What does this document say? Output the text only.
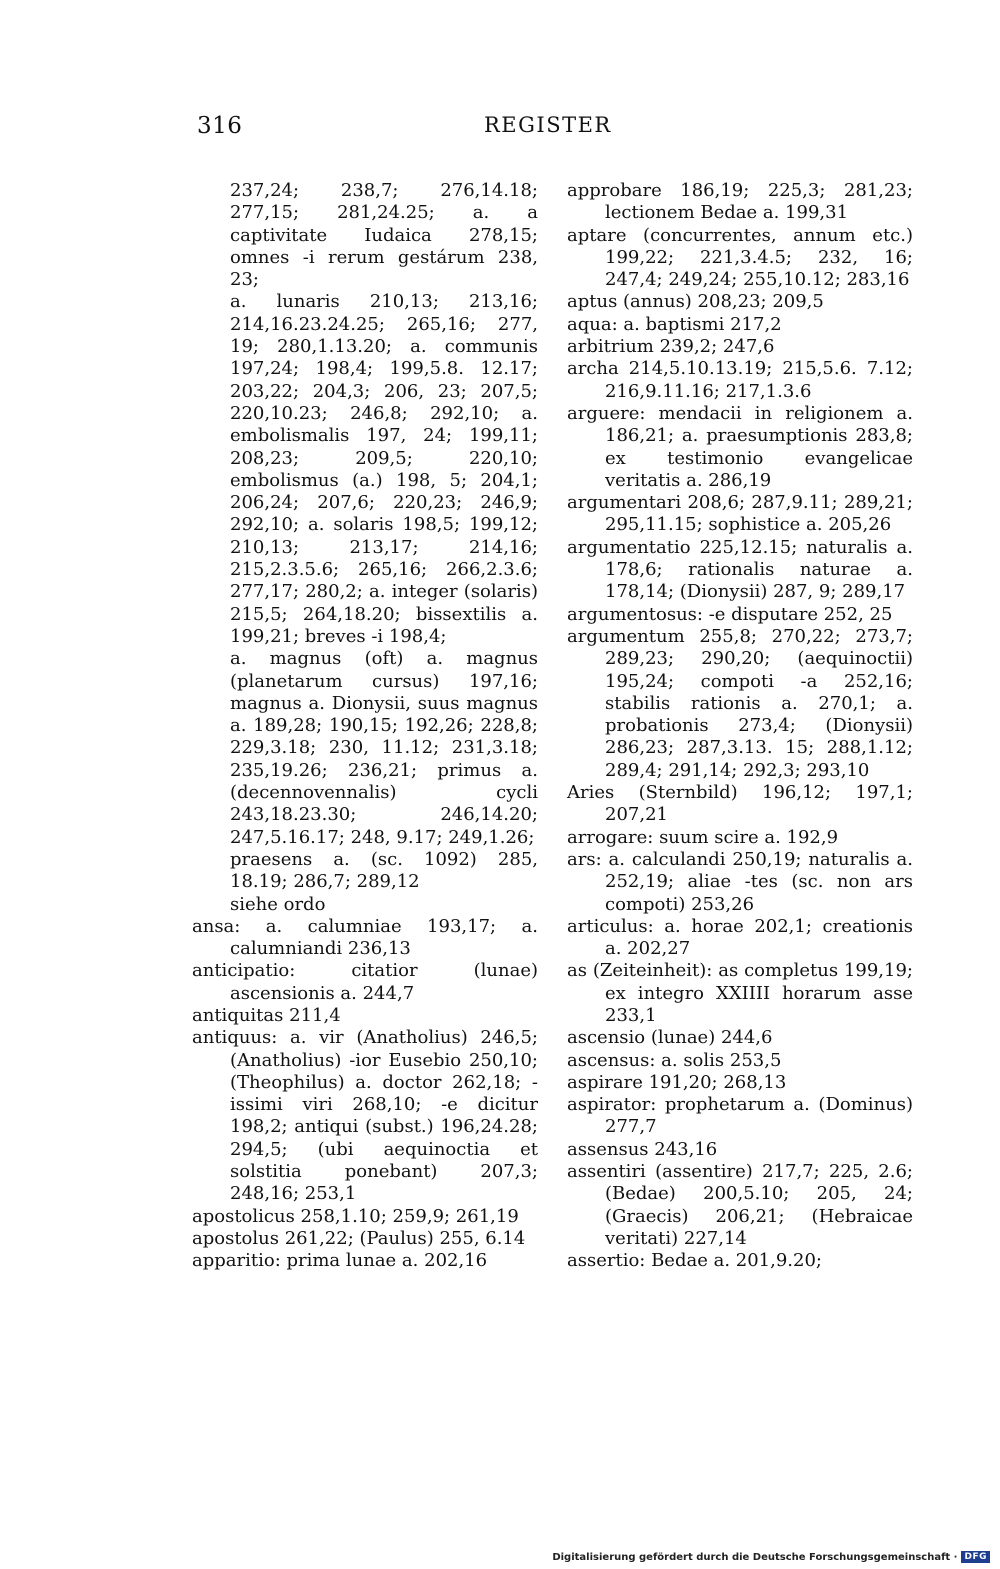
316	REGISTER

237,24; 238,7; 276,14.18; 277,15; 281,24.25; a. a captivitate Iudaica 278,15; omnes -i rerum gestárum 238, 23;

a. lunaris 210,13; 213,16; 214,16.23.24.25; 265,16; 277, 19; 280,1.13.20; a. communis 197,24; 198,4; 199,5.8. 12.17; 203,22; 204,3; 206, 23; 207,5; 220,10.23; 246,8; 292,10; a. embolismalis 197, 24; 199,11; 208,23; 209,5; 220,10; embolismus (a.) 198, 5; 204,1; 206,24; 207,6; 220,23; 246,9; 292,10; a. solaris 198,5; 199,12; 210,13; 213,17; 214,16; 215,2.3.5.6; 265,16; 266,2.3.6; 277,17; 280,2; a. integer (solaris) 215,5; 264,18.20; bissextilis a. 199,21; breves -i 198,4;

a. magnus (oft) a. magnus (planetarum cursus) 197,16; magnus a. Dionysii, suus magnus a. 189,28; 190,15; 192,26; 228,8; 229,3.18; 230, 11.12; 231,3.18; 235,19.26; 236,21; primus a. (decennovennalis) cycli 243,18.23.30; 246,14.20; 247,5.16.17; 248, 9.17; 249,1.26;

praesens a. (sc. 1092) 285, 18.19; 286,7; 289,12

siehe ordo

ansa: a. calumniae 193,17; a. calumniandi 236,13

anticipatio: citatior (lunae) ascensionis a. 244,7

antiquitas 211,4

antiquus: a. vir (Anatholius) 246,5; (Anatholius) -ior Eusebio 250,10; (Theophilus) a. doctor 262,18; -issimi viri 268,10; -e dicitur 198,2; antiqui (subst.) 196,24.28; 294,5; (ubi aequinoctia et solstitia ponebant) 207,3; 248,16; 253,1

apostolicus 258,1.10; 259,9; 261,19

apostolus 261,22; (Paulus) 255, 6.14

apparitio: prima lunae a. 202,16

approbare 186,19; 225,3; 281,23; lectionem Bedae a. 199,31

aptare (concurrentes, annum etc.) 199,22; 221,3.4.5; 232, 16; 247,4; 249,24; 255,10.12; 283,16

aptus (annus) 208,23; 209,5

aqua: a. baptismi 217,2

arbitrium 239,2; 247,6

archa 214,5.10.13.19; 215,5.6. 7.12; 216,9.11.16; 217,1.3.6

arguere: mendacii in religionem a. 186,21; a. praesumptionis 283,8; ex testimonio evangelicae veritatis a. 286,19

argumentari 208,6; 287,9.11; 289,21; 295,11.15; sophistice a. 205,26

argumentatio 225,12.15; naturalis a. 178,6; rationalis naturae a. 178,14; (Dionysii) 287, 9; 289,17

argumentosus: -e disputare 252, 25

argumentum 255,8; 270,22; 273,7; 289,23; 290,20; (aequinoctii) 195,24; compoti -a 252,16; stabilis rationis a. 270,1; a. probationis 273,4; (Dionysii) 286,23; 287,3.13. 15; 288,1.12; 289,4; 291,14; 292,3; 293,10

Aries (Sternbild) 196,12; 197,1; 207,21

arrogare: suum scire a. 192,9

ars: a. calculandi 250,19; naturalis a. 252,19; aliae -tes (sc. non ars compoti) 253,26

articulus: a. horae 202,1; creationis a. 202,27

as (Zeiteinheit): as completus 199,19; ex integro XXIIII horarum asse 233,1

ascensio (lunae) 244,6

ascensus: a. solis 253,5

aspirare 191,20; 268,13

aspirator: prophetarum a. (Dominus) 277,7

assensus 243,16

assentiri (assentire) 217,7; 225, 2.6; (Bedae) 200,5.10; 205, 24; (Graecis) 206,21; (Hebraicae veritati) 227,14

assertio: Bedae a. 201,9.20;

Digitalisierung gefördert durch die Deutsche Forschungsgemeinschaft · DFG
